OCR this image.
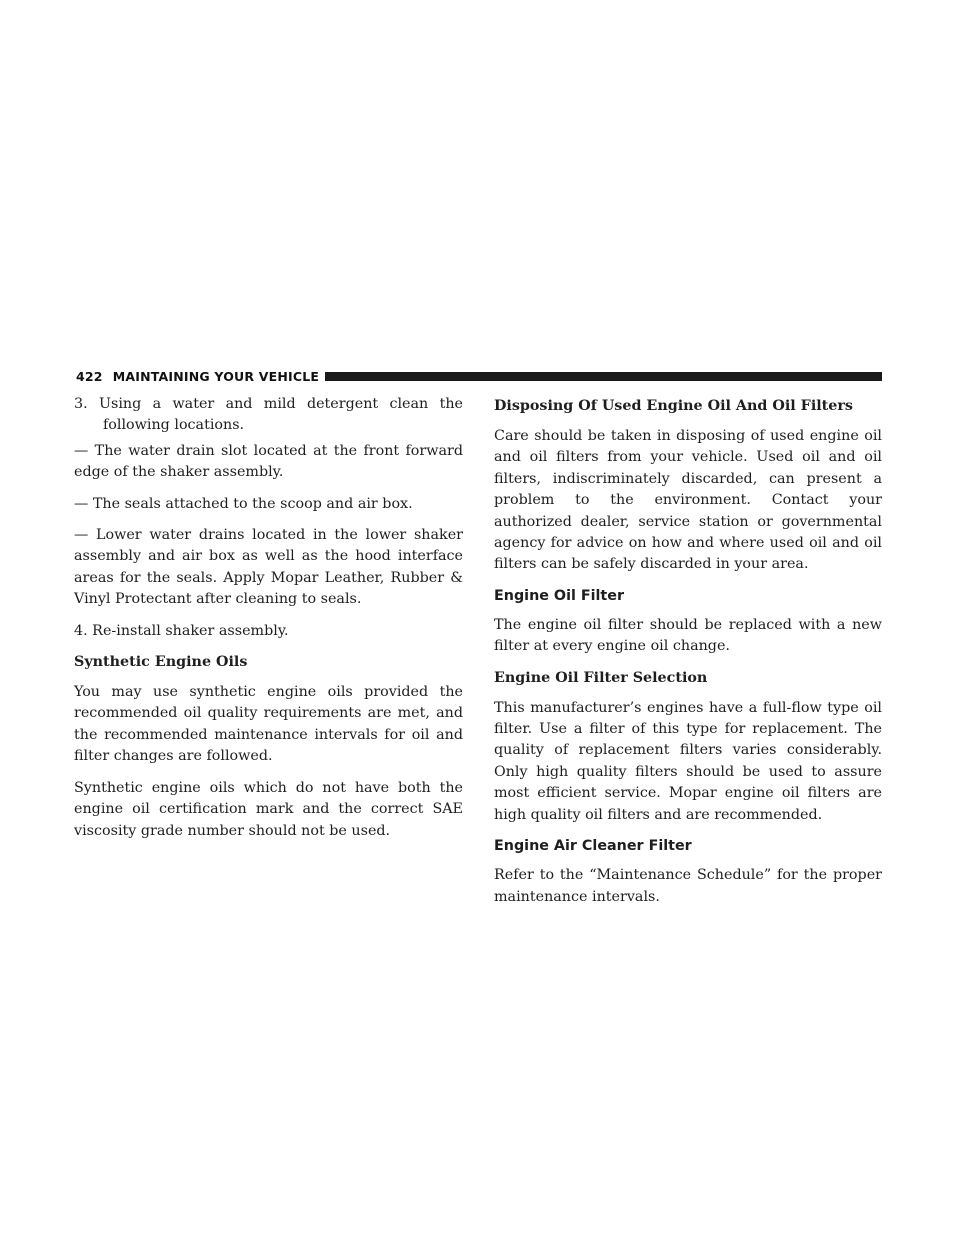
422 MAINTAINING YOUR VEHICLE

3. Using a water and mild detergent clean the following locations.

— The water drain slot located at the front forward edge of the shaker assembly.

— The seals attached to the scoop and air box.

— Lower water drains located in the lower shaker assembly and air box as well as the hood interface areas for the seals. Apply Mopar Leather, Rubber & Vinyl Protectant after cleaning to seals.

4. Re-install shaker assembly.

Synthetic Engine Oils

You may use synthetic engine oils provided the recommended oil quality requirements are met, and the recommended maintenance intervals for oil and filter changes are followed.

Synthetic engine oils which do not have both the engine oil certification mark and the correct SAE viscosity grade number should not be used.

Disposing Of Used Engine Oil And Oil Filters

Care should be taken in disposing of used engine oil and oil filters from your vehicle. Used oil and oil filters, indiscriminately discarded, can present a problem to the environment. Contact your authorized dealer, service station or governmental agency for advice on how and where used oil and oil filters can be safely discarded in your area.

Engine Oil Filter

The engine oil filter should be replaced with a new filter at every engine oil change.

Engine Oil Filter Selection

This manufacturer’s engines have a full-flow type oil filter. Use a filter of this type for replacement. The quality of replacement filters varies considerably. Only high quality filters should be used to assure most efficient service. Mopar engine oil filters are high quality oil filters and are recommended.

Engine Air Cleaner Filter

Refer to the “Maintenance Schedule” for the proper maintenance intervals.
